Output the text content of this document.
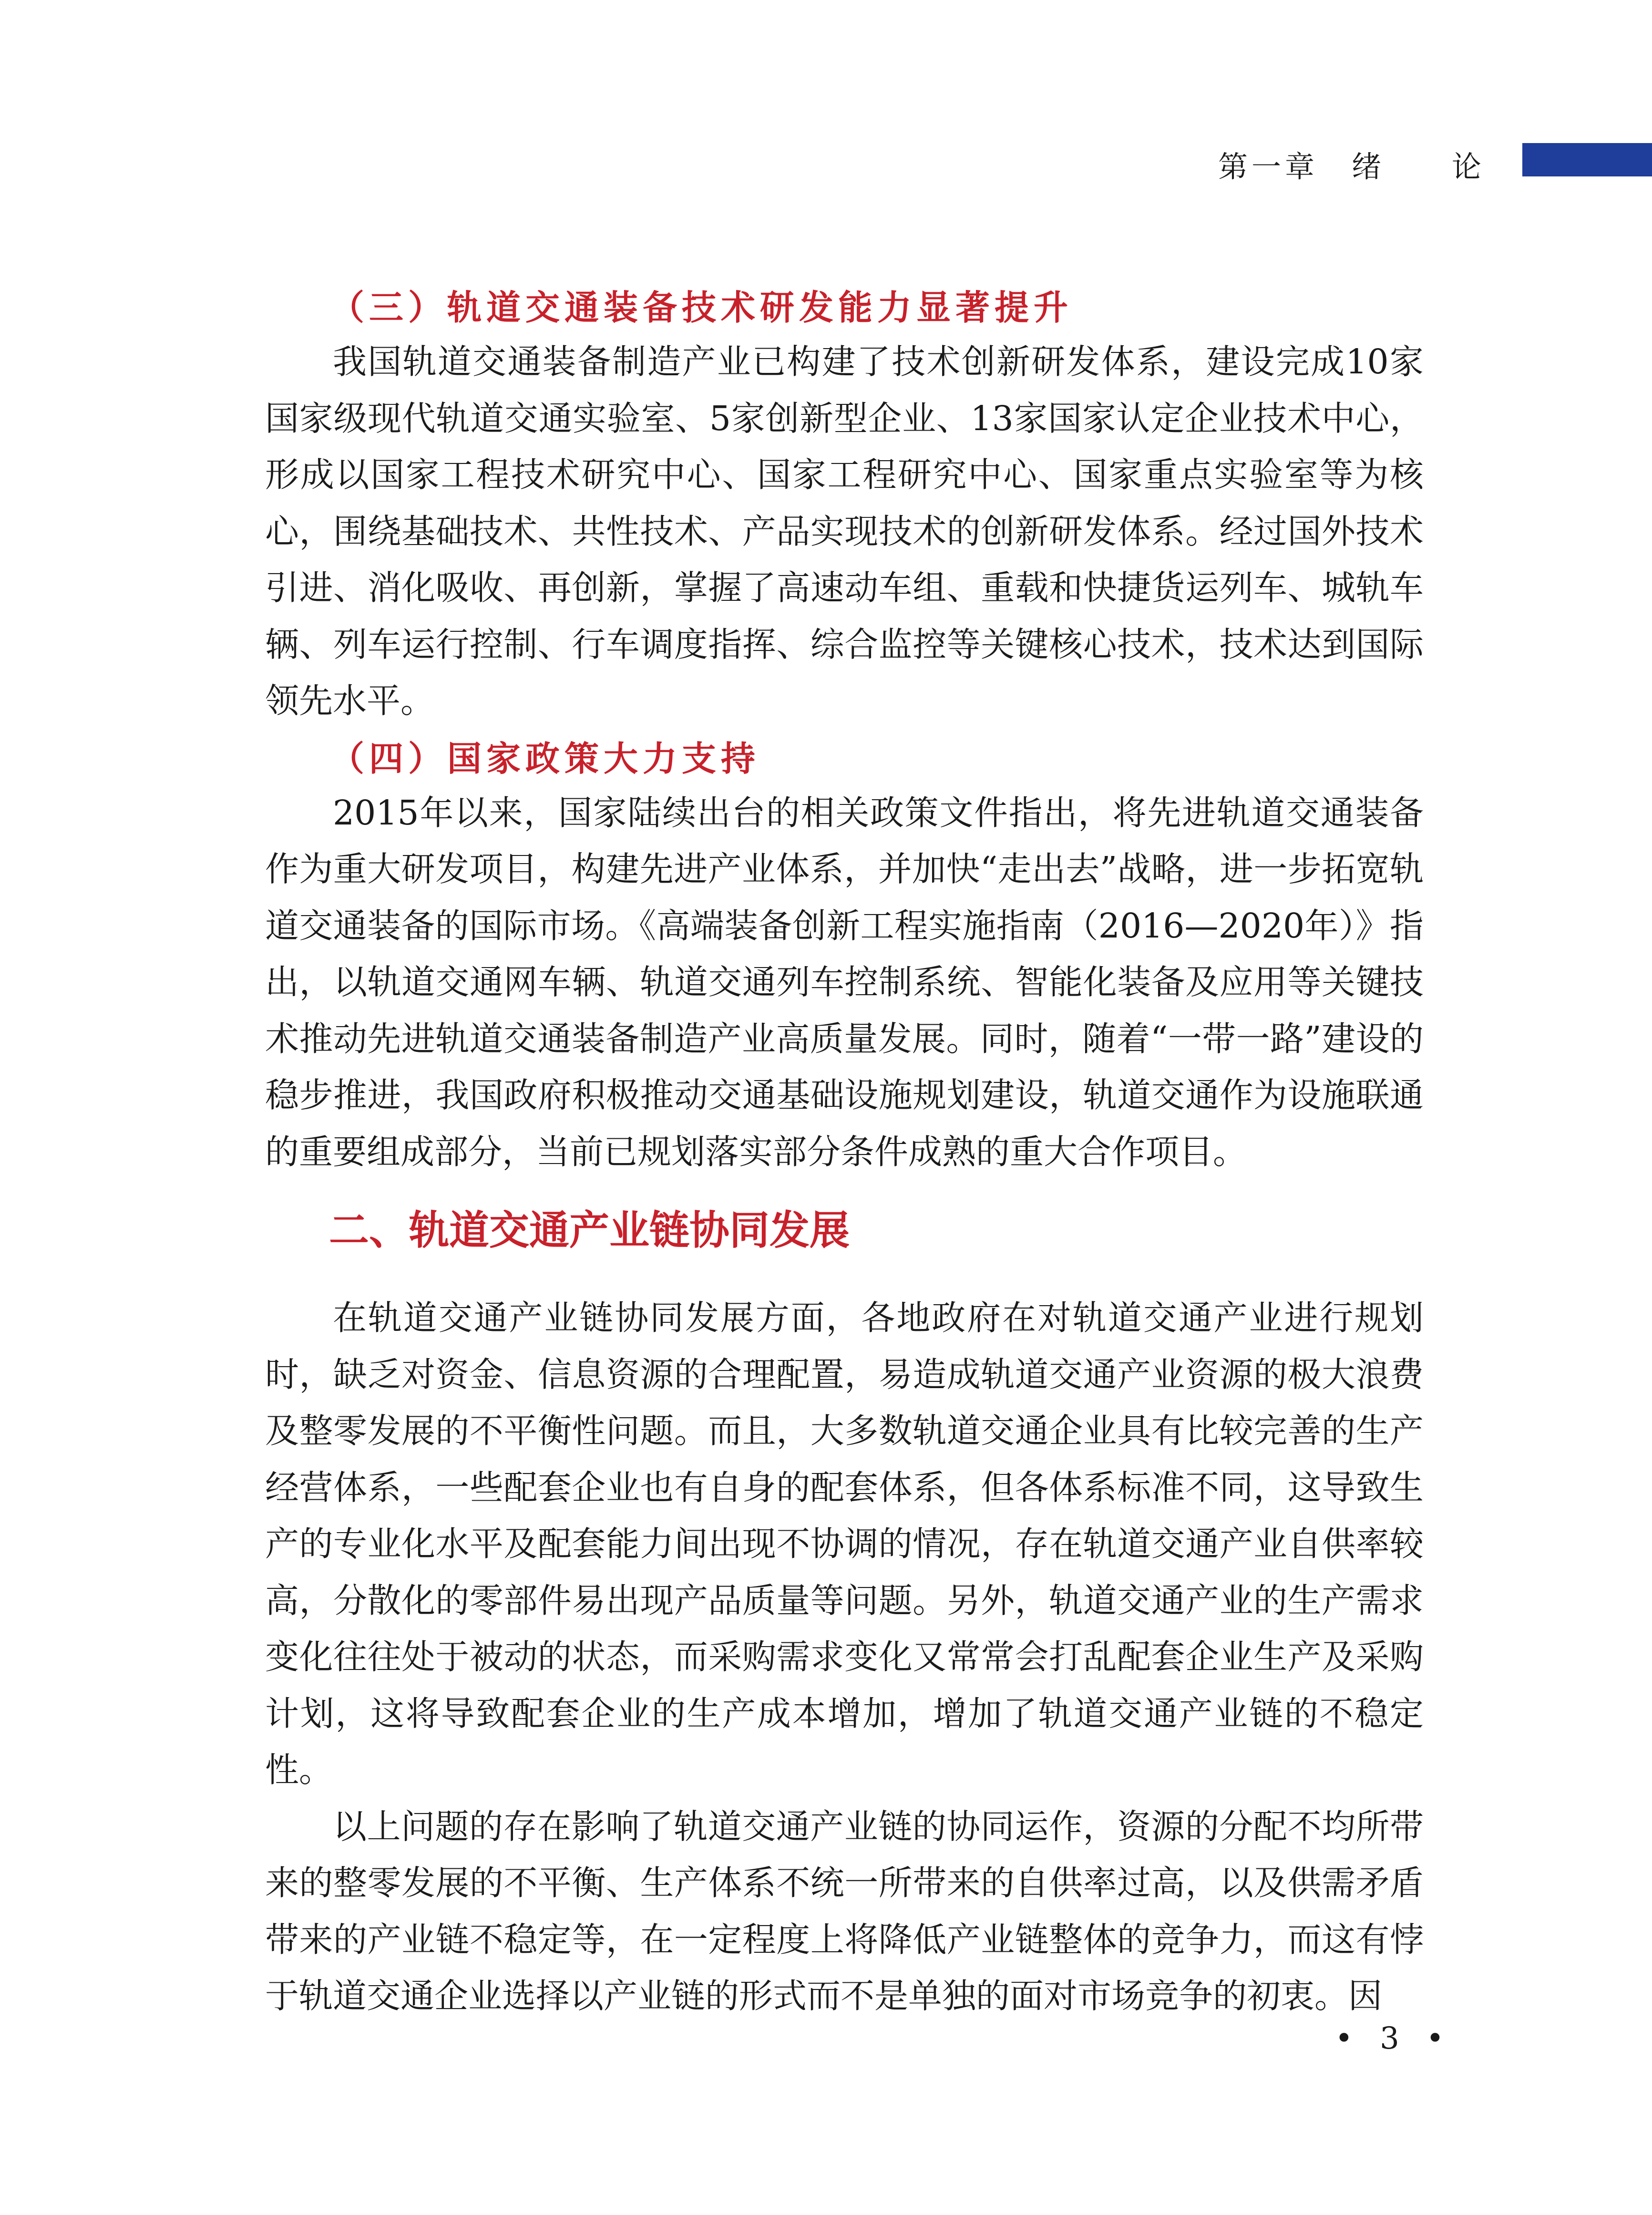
第一章　绪　　论
（三）轨道交通装备技术研发能力显著提升

我国轨道交通装备制造产业已构建了技术创新研发体系，建设完成10家国家级现代轨道交通实验室、5家创新型企业、13家国家认定企业技术中心，形成以国家工程技术研究中心、国家工程研究中心、国家重点实验室等为核心，围绕基础技术、共性技术、产品实现技术的创新研发体系。经过国外技术引进、消化吸收、再创新，掌握了高速动车组、重载和快捷货运列车、城轨车辆、列车运行控制、行车调度指挥、综合监控等关键核心技术，技术达到国际领先水平。

（四）国家政策大力支持

2015年以来，国家陆续出台的相关政策文件指出，将先进轨道交通装备作为重大研发项目，构建先进产业体系，并加快“走出去”战略，进一步拓宽轨道交通装备的国际市场。《高端装备创新工程实施指南（2016—2020年）》指出，以轨道交通网车辆、轨道交通列车控制系统、智能化装备及应用等关键技术推动先进轨道交通装备制造产业高质量发展。同时，随着“一带一路”建设的稳步推进，我国政府积极推动交通基础设施规划建设，轨道交通作为设施联通的重要组成部分，当前已规划落实部分条件成熟的重大合作项目。

二、轨道交通产业链协同发展

在轨道交通产业链协同发展方面，各地政府在对轨道交通产业进行规划时，缺乏对资金、信息资源的合理配置，易造成轨道交通产业资源的极大浪费及整零发展的不平衡性问题。而且，大多数轨道交通企业具有比较完善的生产经营体系，一些配套企业也有自身的配套体系，但各体系标准不同，这导致生产的专业化水平及配套能力间出现不协调的情况，存在轨道交通产业自供率较高，分散化的零部件易出现产品质量等问题。另外，轨道交通产业的生产需求变化往往处于被动的状态，而采购需求变化又常常会打乱配套企业生产及采购计划，这将导致配套企业的生产成本增加，增加了轨道交通产业链的不稳定性。

以上问题的存在影响了轨道交通产业链的协同运作，资源的分配不均所带来的整零发展的不平衡、生产体系不统一所带来的自供率过高，以及供需矛盾带来的产业链不稳定等，在一定程度上将降低产业链整体的竞争力，而这有悖于轨道交通企业选择以产业链的形式而不是单独的面对市场竞争的初衷。因

• 3 •
